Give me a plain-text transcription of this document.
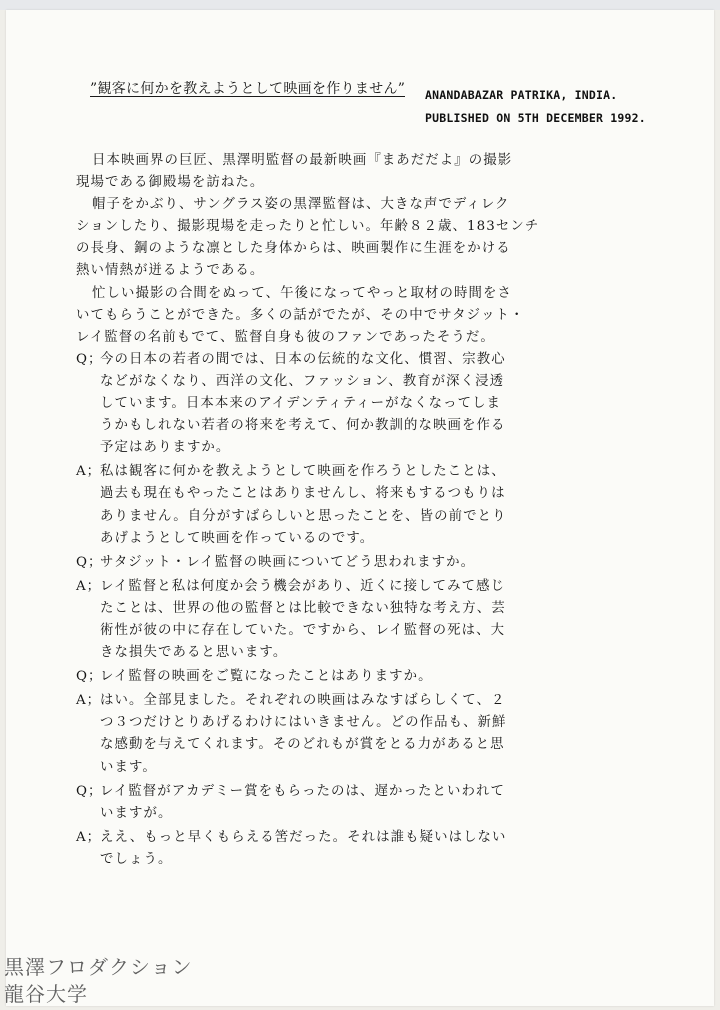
”観客に何かを教えようとして映画を作りません” ANANDABAZAR PATRIKA, INDIA.
PUBLISHED ON 5TH DECEMBER 1992.
日本映画界の巨匠、黒澤明監督の最新映画『まあだだよ』の撮影
現場である御殿場を訪ねた。
帽子をかぶり、サングラス姿の黒澤監督は、大きな声でディレク
ションしたり、撮影現場を走ったりと忙しい。年齢８２歳、183センチ
の長身、鋼のような凛とした身体からは、映画製作に生涯をかける
熱い情熱が迸るようである。
忙しい撮影の合間をぬって、午後になってやっと取材の時間をさ
いてもらうことができた。多くの話がでたが、その中でサタジット・
レイ監督の名前もでて、監督自身も彼のファンであったそうだ。
Q；
今の日本の若者の間では、日本の伝統的な文化、慣習、宗教心
などがなくなり、西洋の文化、ファッション、教育が深く浸透
しています。日本本来のアイデンティティーがなくなってしま
うかもしれない若者の将来を考えて、何か教訓的な映画を作る
予定はありますか。
A；
私は観客に何かを教えようとして映画を作ろうとしたことは、
過去も現在もやったことはありませんし、将来もするつもりは
ありません。自分がすばらしいと思ったことを、皆の前でとり
あげようとして映画を作っているのです。
Q；
サタジット・レイ監督の映画についてどう思われますか。
A；
レイ監督と私は何度か会う機会があり、近くに接してみて感じ
たことは、世界の他の監督とは比較できない独特な考え方、芸
術性が彼の中に存在していた。ですから、レイ監督の死は、大
きな損失であると思います。
Q；
レイ監督の映画をご覧になったことはありますか。
A；
はい。全部見ました。それぞれの映画はみなすばらしくて、２
つ３つだけとりあげるわけにはいきません。どの作品も、新鮮
な感動を与えてくれます。そのどれもが賞をとる力があると思
います。
Q；
レイ監督がアカデミー賞をもらったのは、遅かったといわれて
いますが。
A；
ええ、もっと早くもらえる筈だった。それは誰も疑いはしない
でしょう。
黒澤フロダクション
龍谷大学
